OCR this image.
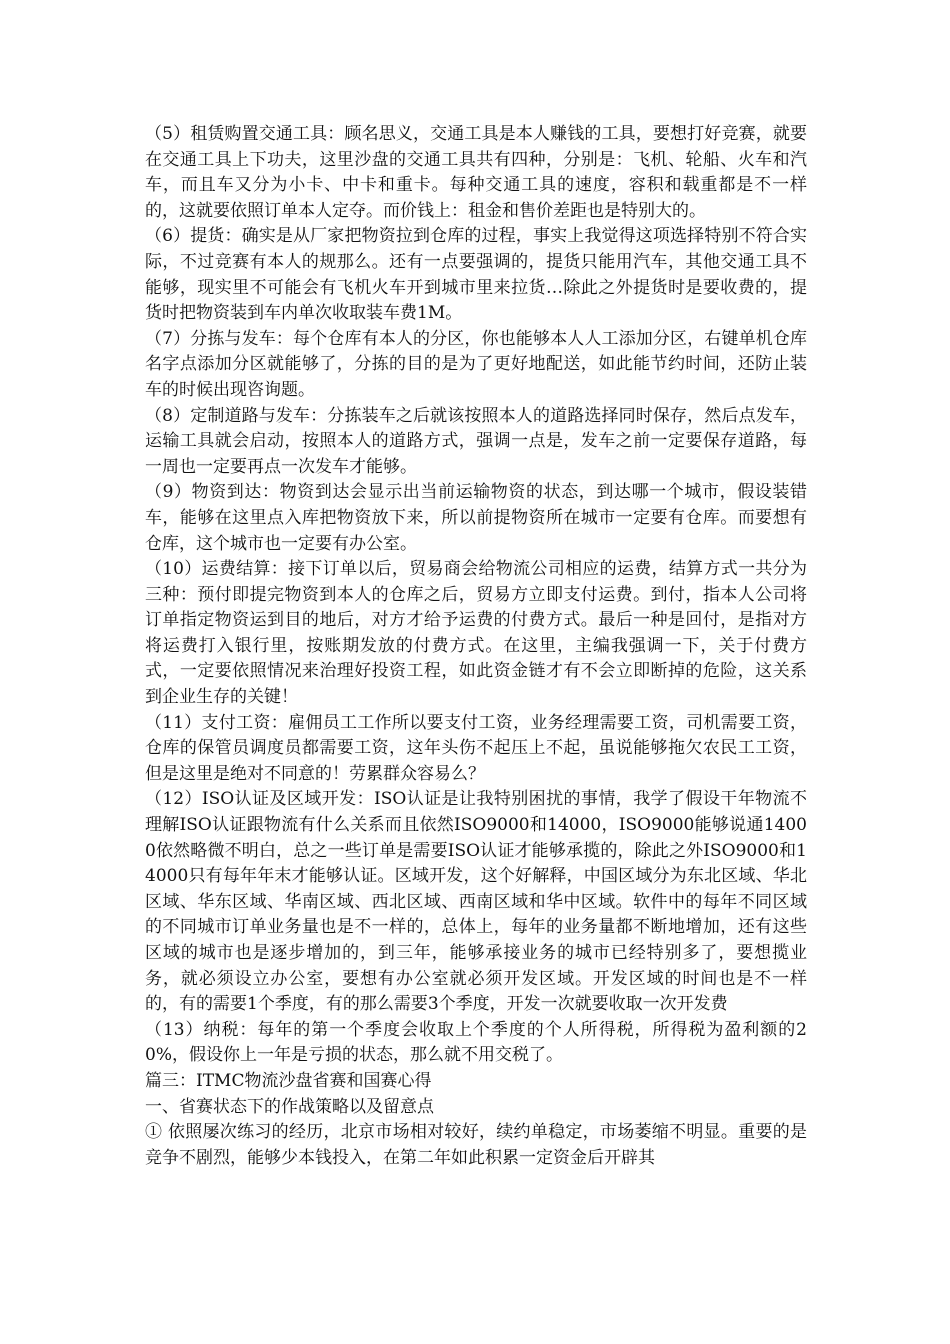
（5）租赁购置交通工具：顾名思义，交通工具是本人赚钱的工具，要想打好竞赛，就要在交通工具上下功夫，这里沙盘的交通工具共有四种，分别是：飞机、轮船、火车和汽车，而且车又分为小卡、中卡和重卡。每种交通工具的速度，容积和载重都是不一样的，这就要依照订单本人定夺。而价钱上：租金和售价差距也是特别大的。

（6）提货：确实是从厂家把物资拉到仓库的过程，事实上我觉得这项选择特别不符合实际，不过竞赛有本人的规那么。还有一点要强调的，提货只能用汽车，其他交通工具不能够，现实里不可能会有飞机火车开到城市里来拉货…除此之外提货时是要收费的，提货时把物资装到车内单次收取装车费1M。

（7）分拣与发车：每个仓库有本人的分区，你也能够本人人工添加分区，右键单机仓库名字点添加分区就能够了，分拣的目的是为了更好地配送，如此能节约时间，还防止装车的时候出现咨询题。

（8）定制道路与发车：分拣装车之后就该按照本人的道路选择同时保存，然后点发车，运输工具就会启动，按照本人的道路方式，强调一点是，发车之前一定要保存道路，每一周也一定要再点一次发车才能够。

（9）物资到达：物资到达会显示出当前运输物资的状态，到达哪一个城市，假设装错车，能够在这里点入库把物资放下来，所以前提物资所在城市一定要有仓库。而要想有仓库，这个城市也一定要有办公室。

（10）运费结算：接下订单以后，贸易商会给物流公司相应的运费，结算方式一共分为三种：预付即提完物资到本人的仓库之后，贸易方立即支付运费。到付，指本人公司将订单指定物资运到目的地后，对方才给予运费的付费方式。最后一种是回付，是指对方将运费打入银行里，按账期发放的付费方式。在这里，主编我强调一下，关于付费方式，一定要依照情况来治理好投资工程，如此资金链才有不会立即断掉的危险，这关系到企业生存的关键！

（11）支付工资：雇佣员工工作所以要支付工资，业务经理需要工资，司机需要工资，仓库的保管员调度员都需要工资，这年头伤不起压上不起，虽说能够拖欠农民工工资，但是这里是绝对不同意的！劳累群众容易么？

（12）ISO认证及区域开发：ISO认证是让我特别困扰的事情，我学了假设干年物流不理解ISO认证跟物流有什么关系而且依然ISO9000和14000，ISO9000能够说通14000依然略微不明白，总之一些订单是需要ISO认证才能够承揽的，除此之外ISO9000和14000只有每年年末才能够认证。区域开发，这个好解释，中国区域分为东北区域、华北区域、华东区域、华南区域、西北区域、西南区域和华中区域。软件中的每年不同区域的不同城市订单业务量也是不一样的，总体上，每年的业务量都不断地增加，还有这些区域的城市也是逐步增加的，到三年，能够承接业务的城市已经特别多了，要想揽业务，就必须设立办公室，要想有办公室就必须开发区域。开发区域的时间也是不一样的，有的需要1个季度，有的那么需要3个季度，开发一次就要收取一次开发费

（13）纳税：每年的第一个季度会收取上个季度的个人所得税，所得税为盈利额的20%，假设你上一年是亏损的状态，那么就不用交税了。

篇三：ITMC物流沙盘省赛和国赛心得

一、省赛状态下的作战策略以及留意点

① 依照屡次练习的经历，北京市场相对较好，续约单稳定，市场萎缩不明显。重要的是竞争不剧烈，能够少本钱投入，在第二年如此积累一定资金后开辟其
